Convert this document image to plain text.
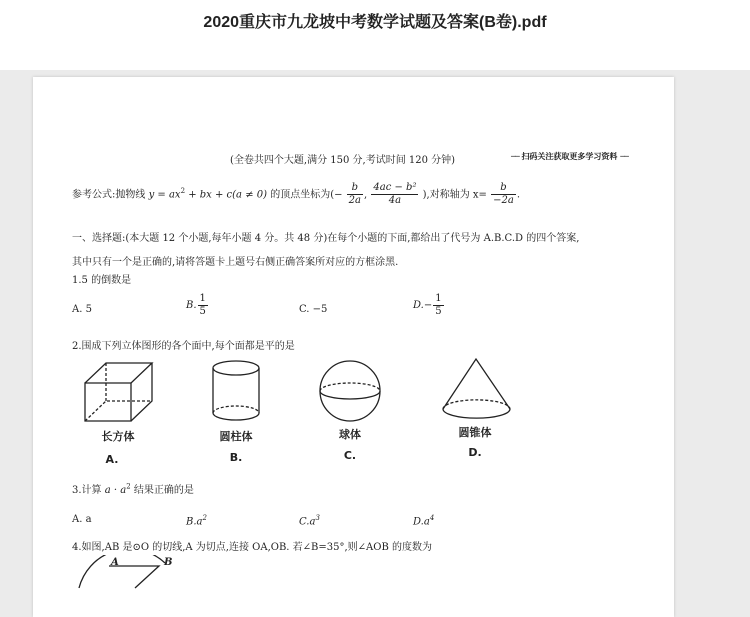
2020重庆市九龙坡中考数学试题及答案(B卷).pdf
(全卷共四个大题,满分 150 分,考试时间 120 分钟)	── 扫码关注获取更多学习资料 ──
参考公式:抛物线 $y = ax^2$ + bx + c(a ≠ 0) 的顶点坐标为(− $\frac{b}{2a}$ , $\frac{\text{4ac − b²}}{4a}$ ),对称轴为 $x= \frac{b}{-2a}$ .
一、选择题:(本大题 12 个小题,每年小题 4 分。共 48 分)在每个小题的下面,都给出了代号为 A.B.C.D 的四个答案,
其中只有一个是正确的,请将答题卡上题号右侧正确答案所对应的方框涂黑.
1.5 的倒数是
A. 5	B. $\frac{1}{5}$	C. −5	$D.- \frac{1}{5}$
2.围成下列立体图形的各个面中,每个面都是平的是
长方体	圆柱体	球体	圆锥体
A.	B.	C.	D.
3.计算 $a \cdot a^2$ 结果正确的是
A. a	$B.a^2$	$C.a^3$	$D.a^4$
4.如图,AB 是⊙O 的切线,A 为切点,连接 OA,OB. 若∠B=35°,则∠AOB 的度数为
A	B
